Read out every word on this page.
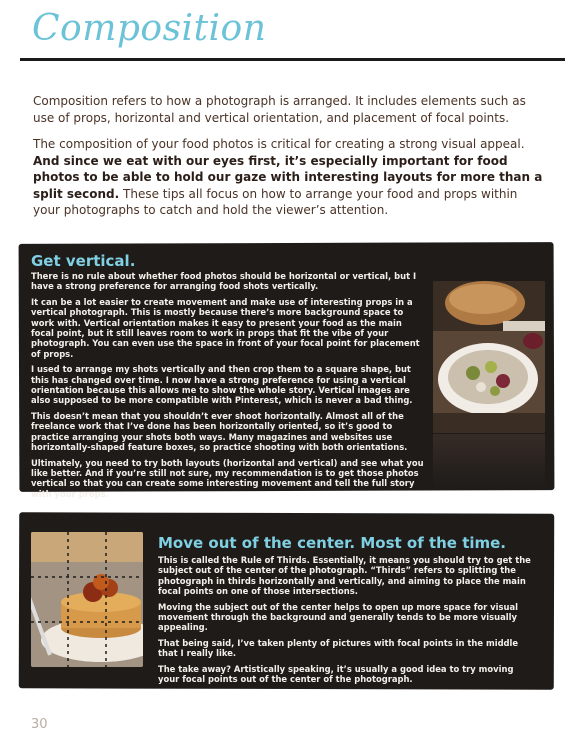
Composition

Composition refers to how a photograph is arranged. It includes elements such as use of props, horizontal and vertical orientation, and placement of focal points.

The composition of your food photos is critical for creating a strong visual appeal. And since we eat with our eyes first, it’s especially important for food photos to be able to hold our gaze with interesting layouts for more than a split second. These tips all focus on how to arrange your food and props within your photographs to catch and hold the viewer’s attention.

Get vertical.

There is no rule about whether food photos should be horizontal or vertical, but I have a strong preference for arranging food shots vertically.

It can be a lot easier to create movement and make use of interesting props in a vertical photograph. This is mostly because there’s more background space to work with. Vertical orientation makes it easy to present your food as the main focal point, but it still leaves room to work in props that fit the vibe of your photograph. You can even use the space in front of your focal point for placement of props.

I used to arrange my shots vertically and then crop them to a square shape, but this has changed over time. I now have a strong preference for using a vertical orientation because this allows me to show the whole story. Vertical images are also supposed to be more compatible with Pinterest, which is never a bad thing.

This doesn’t mean that you shouldn’t ever shoot horizontally. Almost all of the freelance work that I’ve done has been horizontally oriented, so it’s good to practice arranging your shots both ways. Many magazines and websites use horizontally-shaped feature boxes, so practice shooting with both orientations.

Ultimately, you need to try both layouts (horizontal and vertical) and see what you like better. And if you’re still not sure, my recommendation is to get those photos vertical so that you can create some interesting movement and tell the full story with your props.

Move out of the center. Most of the time.

This is called the Rule of Thirds. Essentially, it means you should try to get the subject out of the center of the photograph. “Thirds” refers to splitting the photograph in thirds horizontally and vertically, and aiming to place the main focal points on one of those intersections.

Moving the subject out of the center helps to open up more space for visual movement through the background and generally tends to be more visually appealing.

That being said, I’ve taken plenty of pictures with focal points in the middle that I really like.

The take away? Artistically speaking, it’s usually a good idea to try moving your focal points out of the center of the photograph.

30
